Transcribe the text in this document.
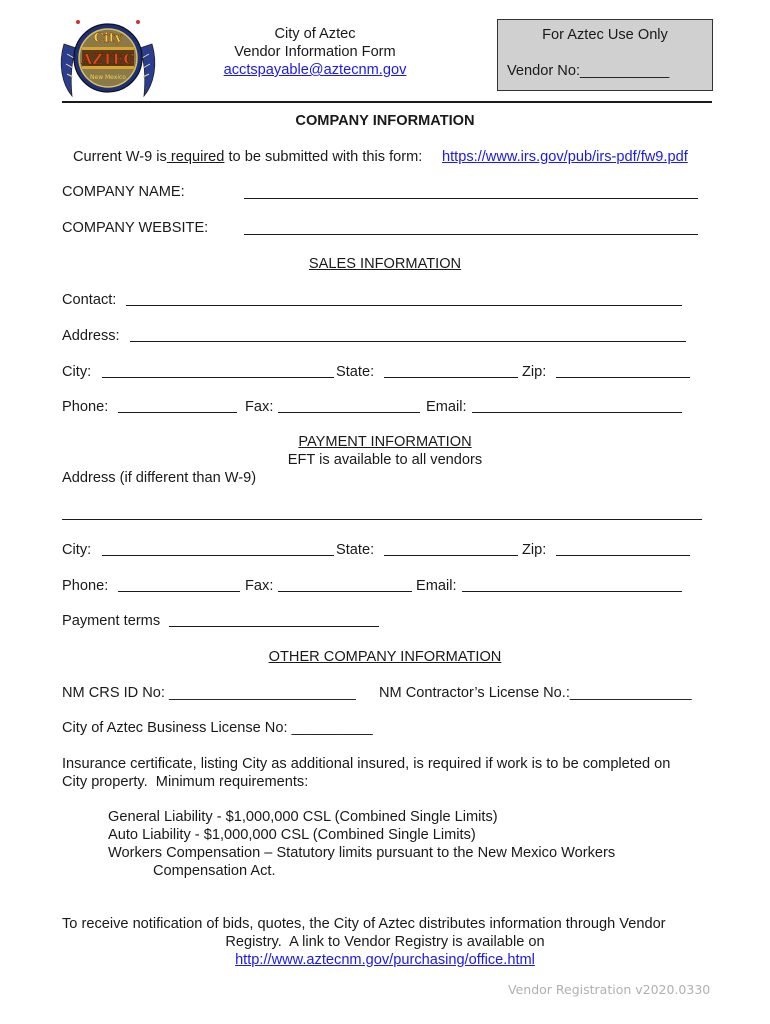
City
AZTEC
New Mexico
City of Aztec
Vendor Information Form
acctspayable@aztecnm.gov
For Aztec Use Only
Vendor No:___________
COMPANY INFORMATION
Current W-9 is required to be submitted with this form: https://www.irs.gov/pub/irs-pdf/fw9.pdf
COMPANY NAME:
COMPANY WEBSITE:
SALES INFORMATION
Contact:
Address:
City:	State:	Zip:
Phone:	Fax:	Email:
PAYMENT INFORMATION
EFT is available to all vendors
Address (if different than W-9)
City:	State:	Zip:
Phone:	Fax:	Email:
Payment terms
OTHER COMPANY INFORMATION
NM CRS ID No: _______________________ NM Contractor’s License No.:_______________
City of Aztec Business License No: __________
Insurance certificate, listing City as additional insured, is required if work is to be completed on
City property.  Minimum requirements:
General Liability - $1,000,000 CSL (Combined Single Limits)
Auto Liability - $1,000,000 CSL (Combined Single Limits)
Workers Compensation – Statutory limits pursuant to the New Mexico Workers
Compensation Act.
To receive notification of bids, quotes, the City of Aztec distributes information through Vendor
Registry.  A link to Vendor Registry is available on
http://www.aztecnm.gov/purchasing/office.html
Vendor Registration v2020.0330
